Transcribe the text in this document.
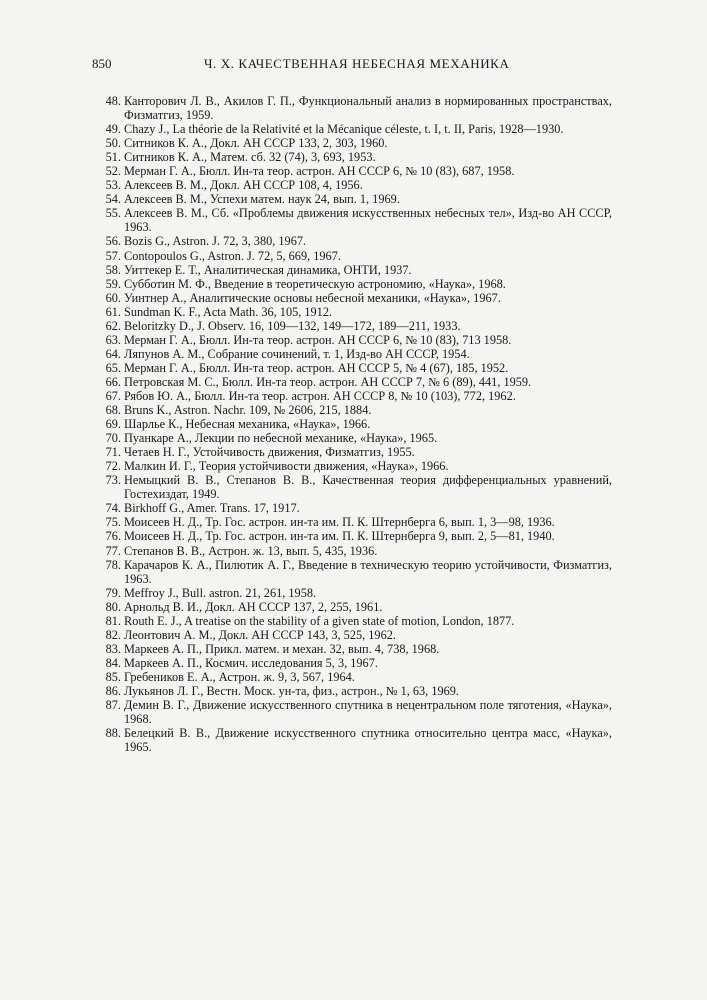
850	Ч. Х. КАЧЕСТВЕННАЯ НЕБЕСНАЯ МЕХАНИКА
48. Канторович Л. В., Акилов Г. П., Функциональный анализ в нормированных пространствах, Физматгиз, 1959.
49. Chazy J., La théorie de la Relativité et la Mécanique céleste, t. I, t. II, Paris, 1928—1930.
50. Ситников К. А., Докл. АН СССР 133, 2, 303, 1960.
51. Ситников К. А., Матем. сб. 32 (74), 3, 693, 1953.
52. Мерман Г. А., Бюлл. Ин-та теор. астрон. АН СССР 6, № 10 (83), 687, 1958.
53. Алексеев В. М., Докл. АН СССР 108, 4, 1956.
54. Алексеев В. М., Успехи матем. наук 24, вып. 1, 1969.
55. Алексеев В. М., Сб. «Проблемы движения искусственных небесных тел», Изд-во АН СССР, 1963.
56. Bozis G., Astron. J. 72, 3, 380, 1967.
57. Contopoulos G., Astron. J. 72, 5, 669, 1967.
58. Уиттекер Е. Т., Аналитическая динамика, ОНТИ, 1937.
59. Субботин М. Ф., Введение в теоретическую астрономию, «Наука», 1968.
60. Уинтнер А., Аналитические основы небесной механики, «Наука», 1967.
61. Sundman K. F., Acta Math. 36, 105, 1912.
62. Beloritzky D., J. Observ. 16, 109—132, 149—172, 189—211, 1933.
63. Мерман Г. А., Бюлл. Ин-та теор. астрон. АН СССР 6, № 10 (83), 713 1958.
64. Ляпунов А. М., Собрание сочинений, т. 1, Изд-во АН СССР, 1954.
65. Мерман Г. А., Бюлл. Ин-та теор. астрон. АН СССР 5, № 4 (67), 185, 1952.
66. Петровская М. С., Бюлл. Ин-та теор. астрон. АН СССР 7, № 6 (89), 441, 1959.
67. Рябов Ю. А., Бюлл. Ин-та теор. астрон. АН СССР 8, № 10 (103), 772, 1962.
68. Bruns K., Astron. Nachr. 109, № 2606, 215, 1884.
69. Шарлье К., Небесная механика, «Наука», 1966.
70. Пуанкаре А., Лекции по небесной механике, «Наука», 1965.
71. Четаев Н. Г., Устойчивость движения, Физматгиз, 1955.
72. Малкин И. Г., Теория устойчивости движения, «Наука», 1966.
73. Немыцкий В. В., Степанов В. В., Качественная теория дифференциальных уравнений, Гостехиздат, 1949.
74. Birkhoff G., Amer. Trans. 17, 1917.
75. Моисеев Н. Д., Тр. Гос. астрон. ин-та им. П. К. Штернберга 6, вып. 1, 3—98, 1936.
76. Моисеев Н. Д., Тр. Гос. астрон. ин-та им. П. К. Штернберга 9, вып. 2, 5—81, 1940.
77. Степанов В. В., Астрон. ж. 13, вып. 5, 435, 1936.
78. Карачаров К. А., Пилютик А. Г., Введение в техническую теорию устойчивости, Физматгиз, 1963.
79. Meffroy J., Bull. astron. 21, 261, 1958.
80. Арнольд В. И., Докл. АН СССР 137, 2, 255, 1961.
81. Routh E. J., A treatise on the stability of a given state of motion, London, 1877.
82. Леонтович А. М., Докл. АН СССР 143, 3, 525, 1962.
83. Маркеев А. П., Прикл. матем. и механ. 32, вып. 4, 738, 1968.
84. Маркеев А. П., Космич. исследования 5, 3, 1967.
85. Гребеников Е. А., Астрон. ж. 9, 3, 567, 1964.
86. Лукьянов Л. Г., Вестн. Моск. ун-та, физ., астрон., № 1, 63, 1969.
87. Демин В. Г., Движение искусственного спутника в нецентральном поле тяготения, «Наука», 1968.
88. Белецкий В. В., Движение искусственного спутника относительно центра масс, «Наука», 1965.
